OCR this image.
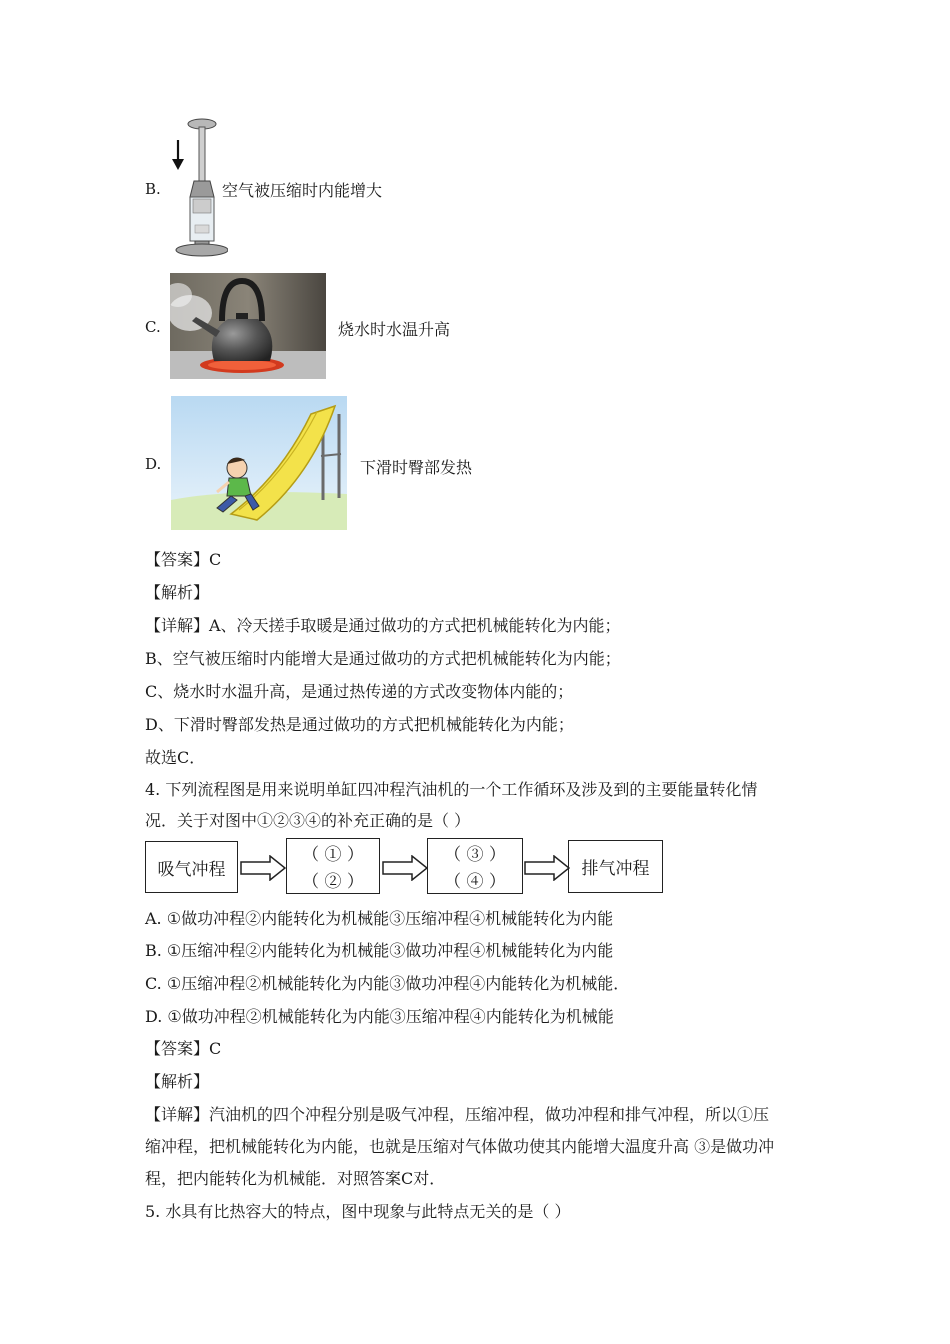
B.	空气被压缩时内能增大
C.	烧水时水温升高
D.	下滑时臀部发热
【答案】C
【解析】
【详解】A、冷天搓手取暖是通过做功的方式把机械能转化为内能；
B、空气被压缩时内能增大是通过做功的方式把机械能转化为内能；
C、烧水时水温升高，是通过热传递的方式改变物体内能的；
D、下滑时臀部发热是通过做功的方式把机械能转化为内能；
故选C．
4. 下列流程图是用来说明单缸四冲程汽油机的一个工作循环及涉及到的主要能量转化情
况．关于对图中①②③④的补充正确的是（ ）
吸气冲程
（ ① ）
（ ② ）
（ ③ ）
（ ④ ）
排气冲程
A. ①做功冲程②内能转化为机械能③压缩冲程④机械能转化为内能
B. ①压缩冲程②内能转化为机械能③做功冲程④机械能转化为内能
C. ①压缩冲程②机械能转化为内能③做功冲程④内能转化为机械能．
D. ①做功冲程②机械能转化为内能③压缩冲程④内能转化为机械能
【答案】C
【解析】
【详解】汽油机的四个冲程分别是吸气冲程，压缩冲程，做功冲程和排气冲程，所以①压
缩冲程，把机械能转化为内能，也就是压缩对气体做功使其内能增大温度升高 ③是做功冲
程，把内能转化为机械能．对照答案C对．
5. 水具有比热容大的特点，图中现象与此特点无关的是（ ）
